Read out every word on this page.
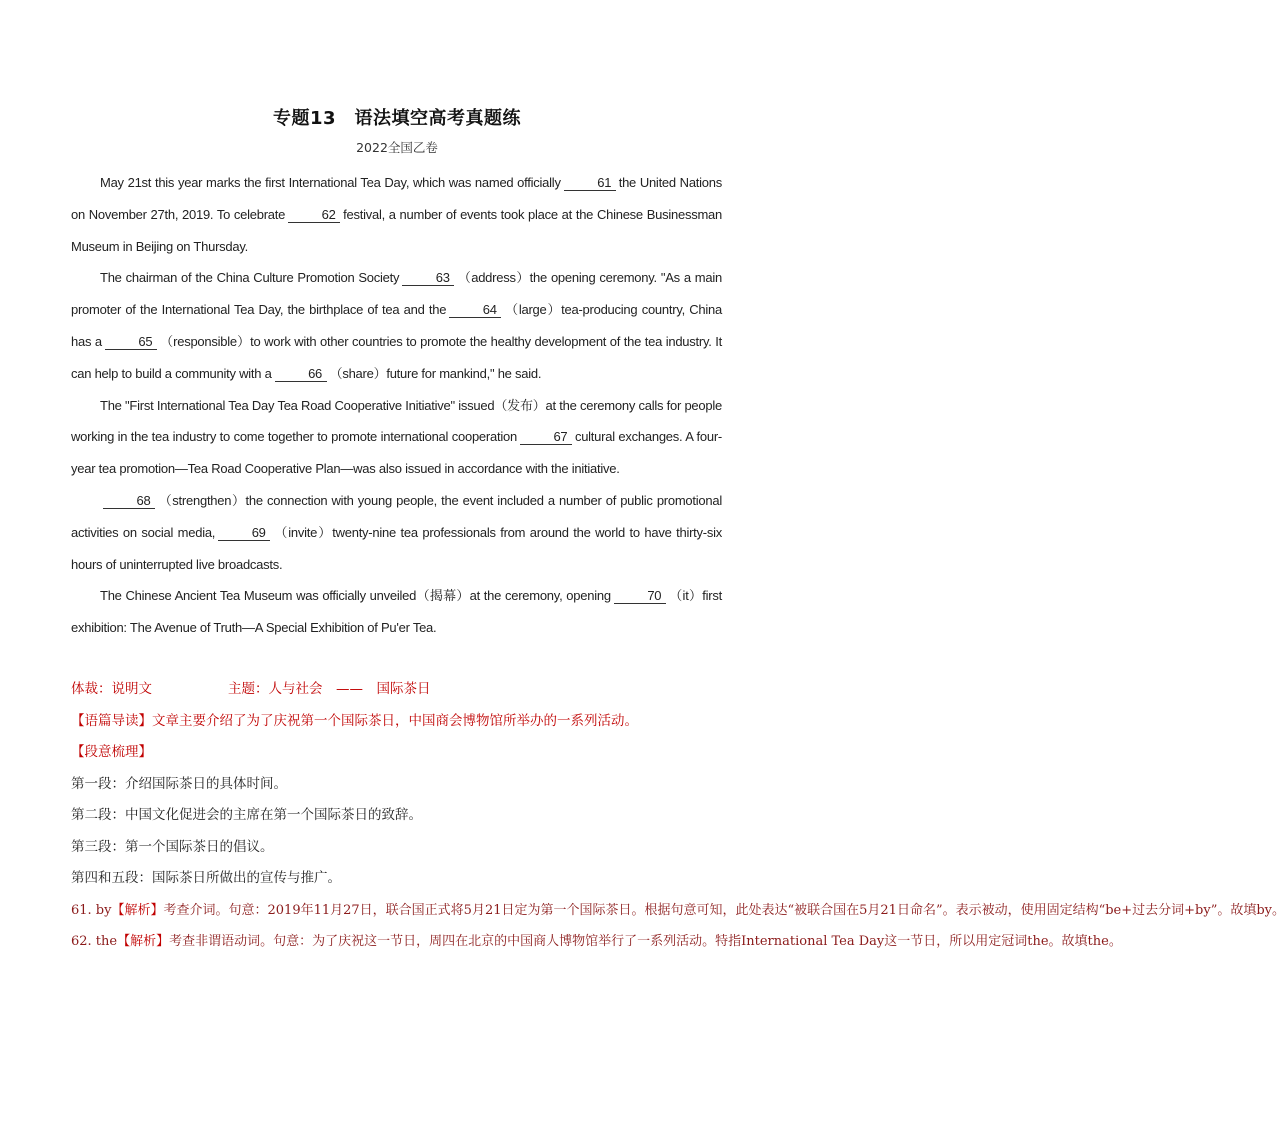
专题13　语法填空高考真题练
2022全国乙卷

May 21st this year marks the first International Tea Day, which was named officially	61 the United Nations on November 27th, 2019. To celebrate	62 festival, a number of events took place at the Chinese Businessman Museum in Beijing on Thursday.

The chairman of the China Culture Promotion Society	63 （address）the opening ceremony. "As a main promoter of the International Tea Day, the birthplace of tea and the	64 （large）tea-producing country, China has a	65 （responsible）to work with other countries to promote the healthy development of the tea industry. It can help to build a community with a	66 （share）future for mankind," he said.

The "First International Tea Day Tea Road Cooperative Initiative" issued（发布）at the ceremony calls for people working in the tea industry to come together to promote international cooperation	67 cultural exchanges. A four-year tea promotion—Tea Road Cooperative Plan—was also issued in accordance with the initiative.

68 （strengthen）the connection with young people, the event included a number of public promotional activities on social media,	69 （invite）twenty-nine tea professionals from around the world to have thirty-six hours of uninterrupted live broadcasts.

The Chinese Ancient Tea Museum was officially unveiled（揭幕）at the ceremony, opening	70 （it）first exhibition: The Avenue of Truth—A Special Exhibition of Pu'er Tea.

体裁：说明文	主题：人与社会　——　国际茶日
【语篇导读】文章主要介绍了为了庆祝第一个国际茶日，中国商会博物馆所举办的一系列活动。
【段意梳理】
第一段：介绍国际茶日的具体时间。
第二段：中国文化促进会的主席在第一个国际茶日的致辞。
第三段：第一个国际茶日的倡议。
第四和五段：国际茶日所做出的宣传与推广。
61. by【解析】考查介词。句意：2019年11月27日，联合国正式将5月21日定为第一个国际茶日。根据句意可知，此处表达“被联合国在5月21日命名”。表示被动，使用固定结构“be+过去分词+by”。故填by。
62. the【解析】考查非谓语动词。句意：为了庆祝这一节日，周四在北京的中国商人博物馆举行了一系列活动。特指International Tea Day这一节日，所以用定冠词the。故填the。
